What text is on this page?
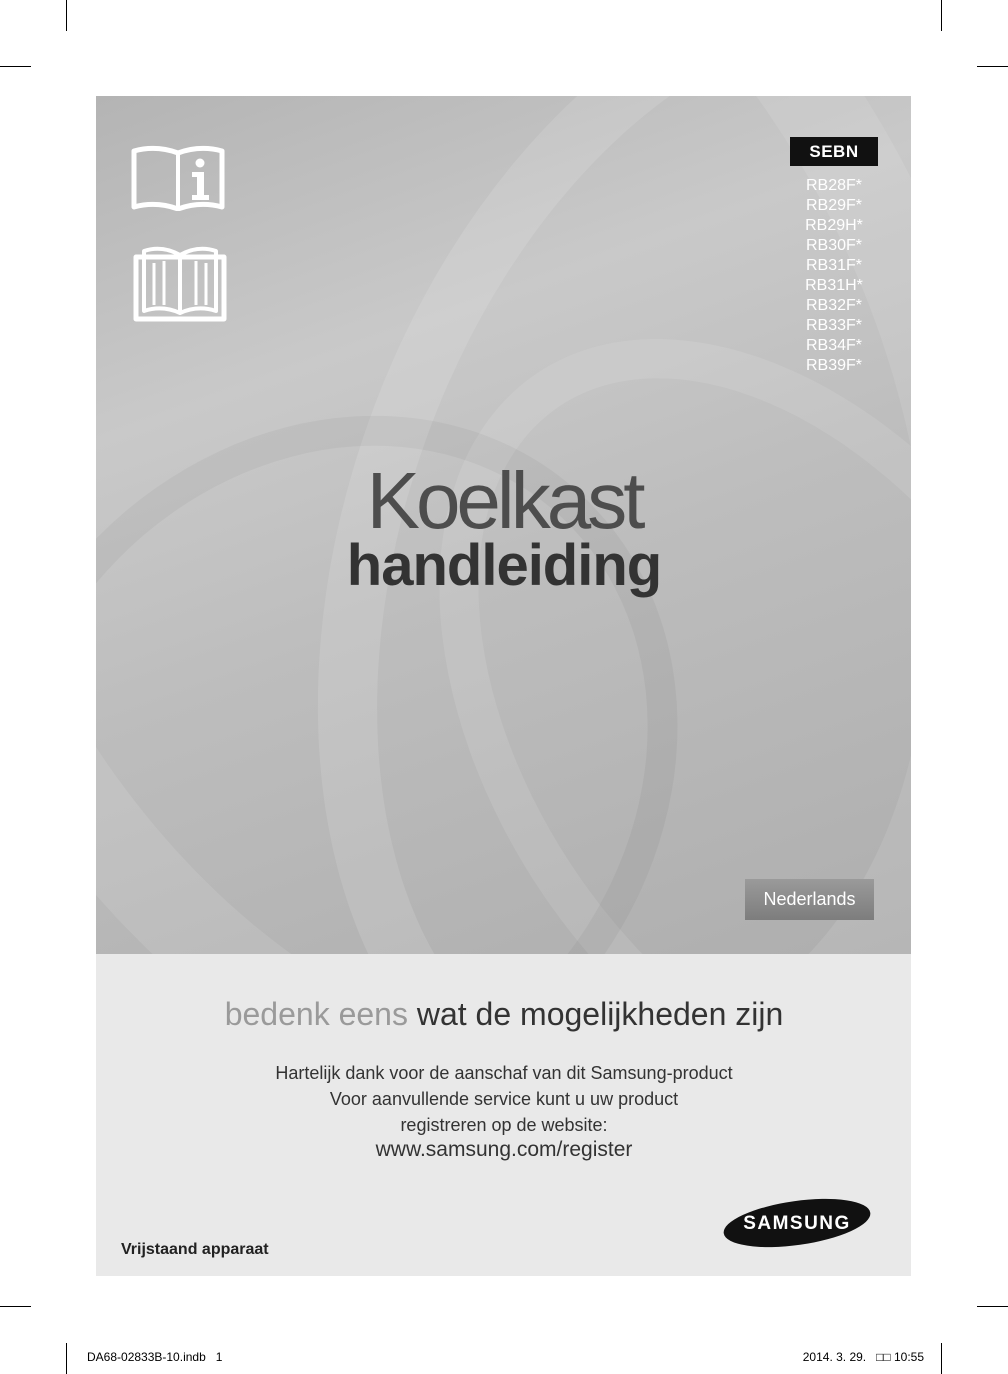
SEBN
RB28F*
RB29F*
RB29H*
RB30F*
RB31F*
RB31H*
RB32F*
RB33F*
RB34F*
RB39F*
Koelkast
handleiding
Nederlands
bedenk eens wat de mogelijkheden zijn
Hartelijk dank voor de aanschaf van dit Samsung-product
Voor aanvullende service kunt u uw product
registreren op de website:
www.samsung.com/register
Vrijstaand apparaat
SAMSUNG
DA68-02833B-10.indb   1	2014. 3. 29.   □□ 10:55
